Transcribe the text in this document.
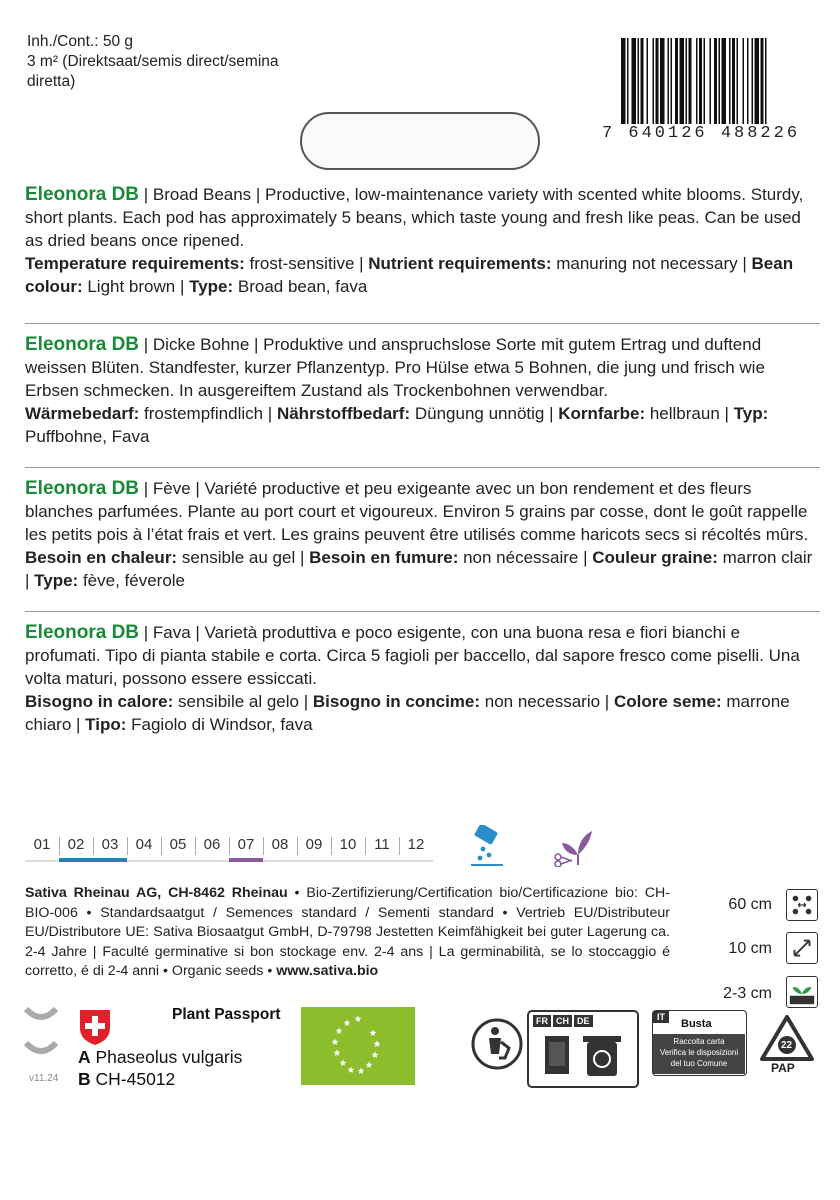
Inh./Cont.: 50 g
3 m² (Direktsaat/semis direct/semina
diretta)
7 640126 488226
Eleonora DB | Broad Beans | Productive, low-maintenance variety with scented white blooms. Sturdy, short plants. Each pod has approximately 5 beans, which taste young and fresh like peas. Can be used as dried beans once ripened.
Temperature requirements: frost-sensitive | Nutrient requirements: manuring not necessary | Bean colour: Light brown | Type: Broad bean, fava
Eleonora DB | Dicke Bohne | Produktive und anspruchslose Sorte mit gutem Ertrag und duftend weissen Blüten. Standfester, kurzer Pflanzentyp. Pro Hülse etwa 5 Bohnen, die jung und frisch wie Erbsen schmecken. In ausgereiftem Zustand als Trockenbohnen verwendbar.
Wärmebedarf: frostempfindlich | Nährstoffbedarf: Düngung unnötig | Kornfarbe: hellbraun | Typ: Puffbohne, Fava
Eleonora DB | Fève | Variété productive et peu exigeante avec un bon rendement et des fleurs blanches parfumées. Plante au port court et vigoureux. Environ 5 grains par cosse, dont le goût rappelle les petits pois à l’état frais et vert. Les grains peuvent être utilisés comme haricots secs si récoltés mûrs.
Besoin en chaleur: sensible au gel | Besoin en fumure: non nécessaire | Couleur graine: marron clair | Type: fève, féverole
Eleonora DB | Fava | Varietà produttiva e poco esigente, con una buona resa e fiori bianchi e profumati. Tipo di pianta stabile e corta. Circa 5 fagioli per baccello, dal sapore fresco come piselli. Una volta maturi, possono essere essiccati.
Bisogno in calore: sensibile al gelo | Bisogno in concime: non necessario | Colore seme: marrone chiaro | Tipo: Fagiolo di Windsor, fava
01	02	03	04	05	06	07	08	09	10	11	12
Sativa Rheinau AG, CH-8462 Rheinau • Bio-Zertifizierung/Certification bio/Certificazione bio: CH-BIO-006 • Standardsaatgut / Semences standard / Sementi standard • Vertrieb EU/Distributeur EU/Distributore UE: Sativa Biosaatgut GmbH, D-79798 Jestetten Keimfähigkeit bei guter Lagerung ca. 2-4 Jahre | Faculté germinative si bon stockage env. 2-4 ans | La germinabilità, se lo stoccaggio é corretto, é di 2-4 anni • Organic seeds • www.sativa.bio
60 cm
10 cm
2-3 cm
v11.24
Plant Passport
A Phaseolus vulgaris
B CH-45012
FR CH DE	IT
Busta
Raccolta carta
Verifica le disposizioni
del tuo Comune
22
PAP
